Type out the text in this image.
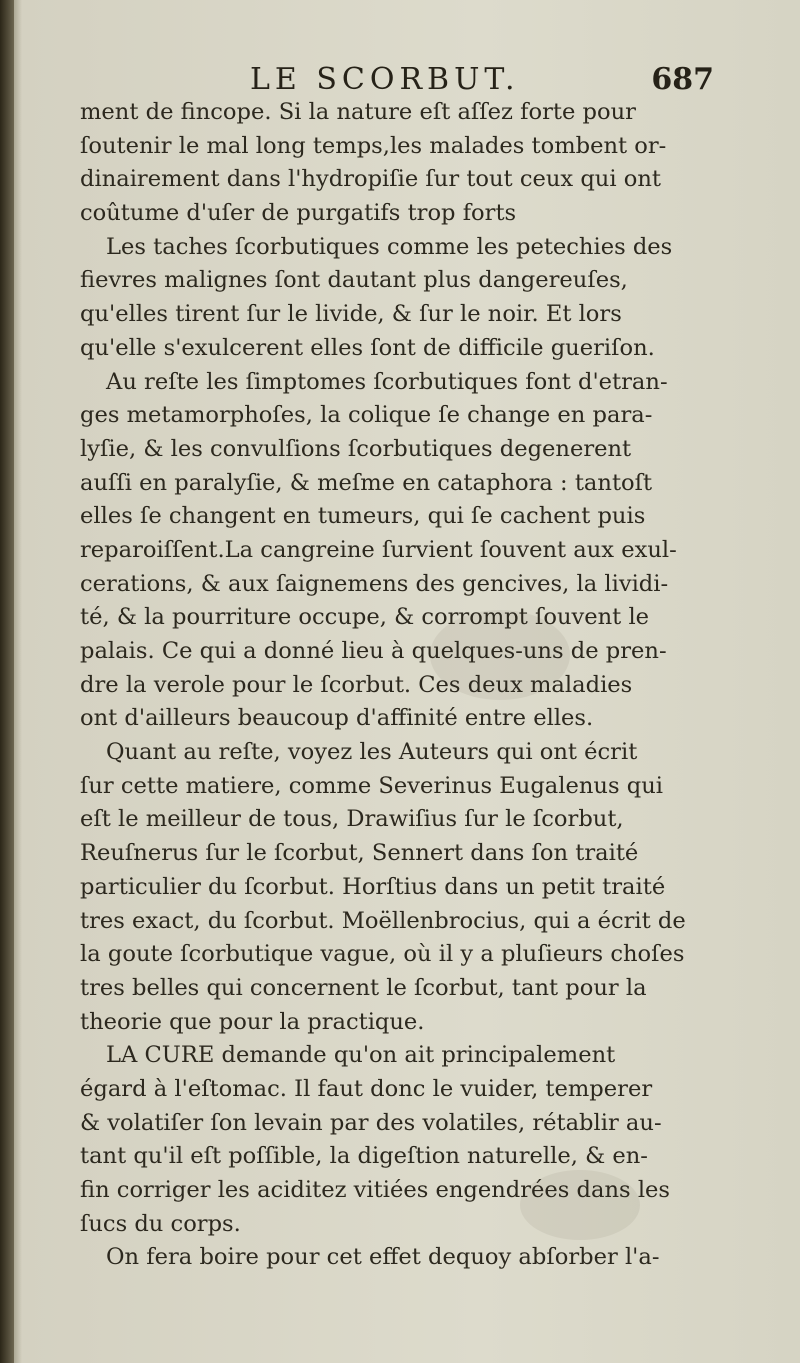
LE SCORBUT.	687
ment de fincope. Si la nature eſt aſſez forte pour
ſoutenir le mal long temps,les malades tombent or-
dinairement dans l'hydropiſie ſur tout ceux qui ont
coûtume d'uſer de purgatifs trop forts
Les taches ſcorbutiques comme les petechies des
fievres malignes ſont dautant plus dangereuſes,
qu'elles tirent ſur le livide, & ſur le noir. Et lors
qu'elle s'exulcerent elles ſont de difficile gueriſon.
Au reſte les ſimptomes ſcorbutiques font d'etran-
ges metamorphoſes, la colique ſe change en para-
lyſie, & les convulſions ſcorbutiques degenerent
auſſi en paralyſie, & meſme en cataphora : tantoſt
elles ſe changent en tumeurs, qui ſe cachent puis
reparoiſſent.La cangreine ſurvient ſouvent aux exul-
cerations, & aux ſaignemens des gencives, la lividi-
té, & la pourriture occupe, & corrompt ſouvent le
palais. Ce qui a donné lieu à quelques-uns de pren-
dre la verole pour le ſcorbut. Ces deux maladies
ont d'ailleurs beaucoup d'affinité entre elles.
Quant au reſte, voyez les Auteurs qui ont écrit
ſur cette matiere, comme Severinus Eugalenus qui
eſt le meilleur de tous, Drawiſius ſur le ſcorbut,
Reuſnerus ſur le ſcorbut, Sennert dans ſon traité
particulier du ſcorbut. Horſtius dans un petit traité
tres exact, du ſcorbut. Moëllenbrocius, qui a écrit de
la goute ſcorbutique vague, où il y a pluſieurs choſes
tres belles qui concernent le ſcorbut, tant pour la
theorie que pour la practique.
LA CURE demande qu'on ait principalement
égard à l'eſtomac. Il faut donc le vuider, temperer
& volatiſer ſon levain par des volatiles, rétablir au-
tant qu'il eſt poſſible, la digeſtion naturelle, & en-
fin corriger les aciditez vitiées engendrées dans les
ſucs du corps.
On fera boire pour cet effet dequoy abſorber l'a-
